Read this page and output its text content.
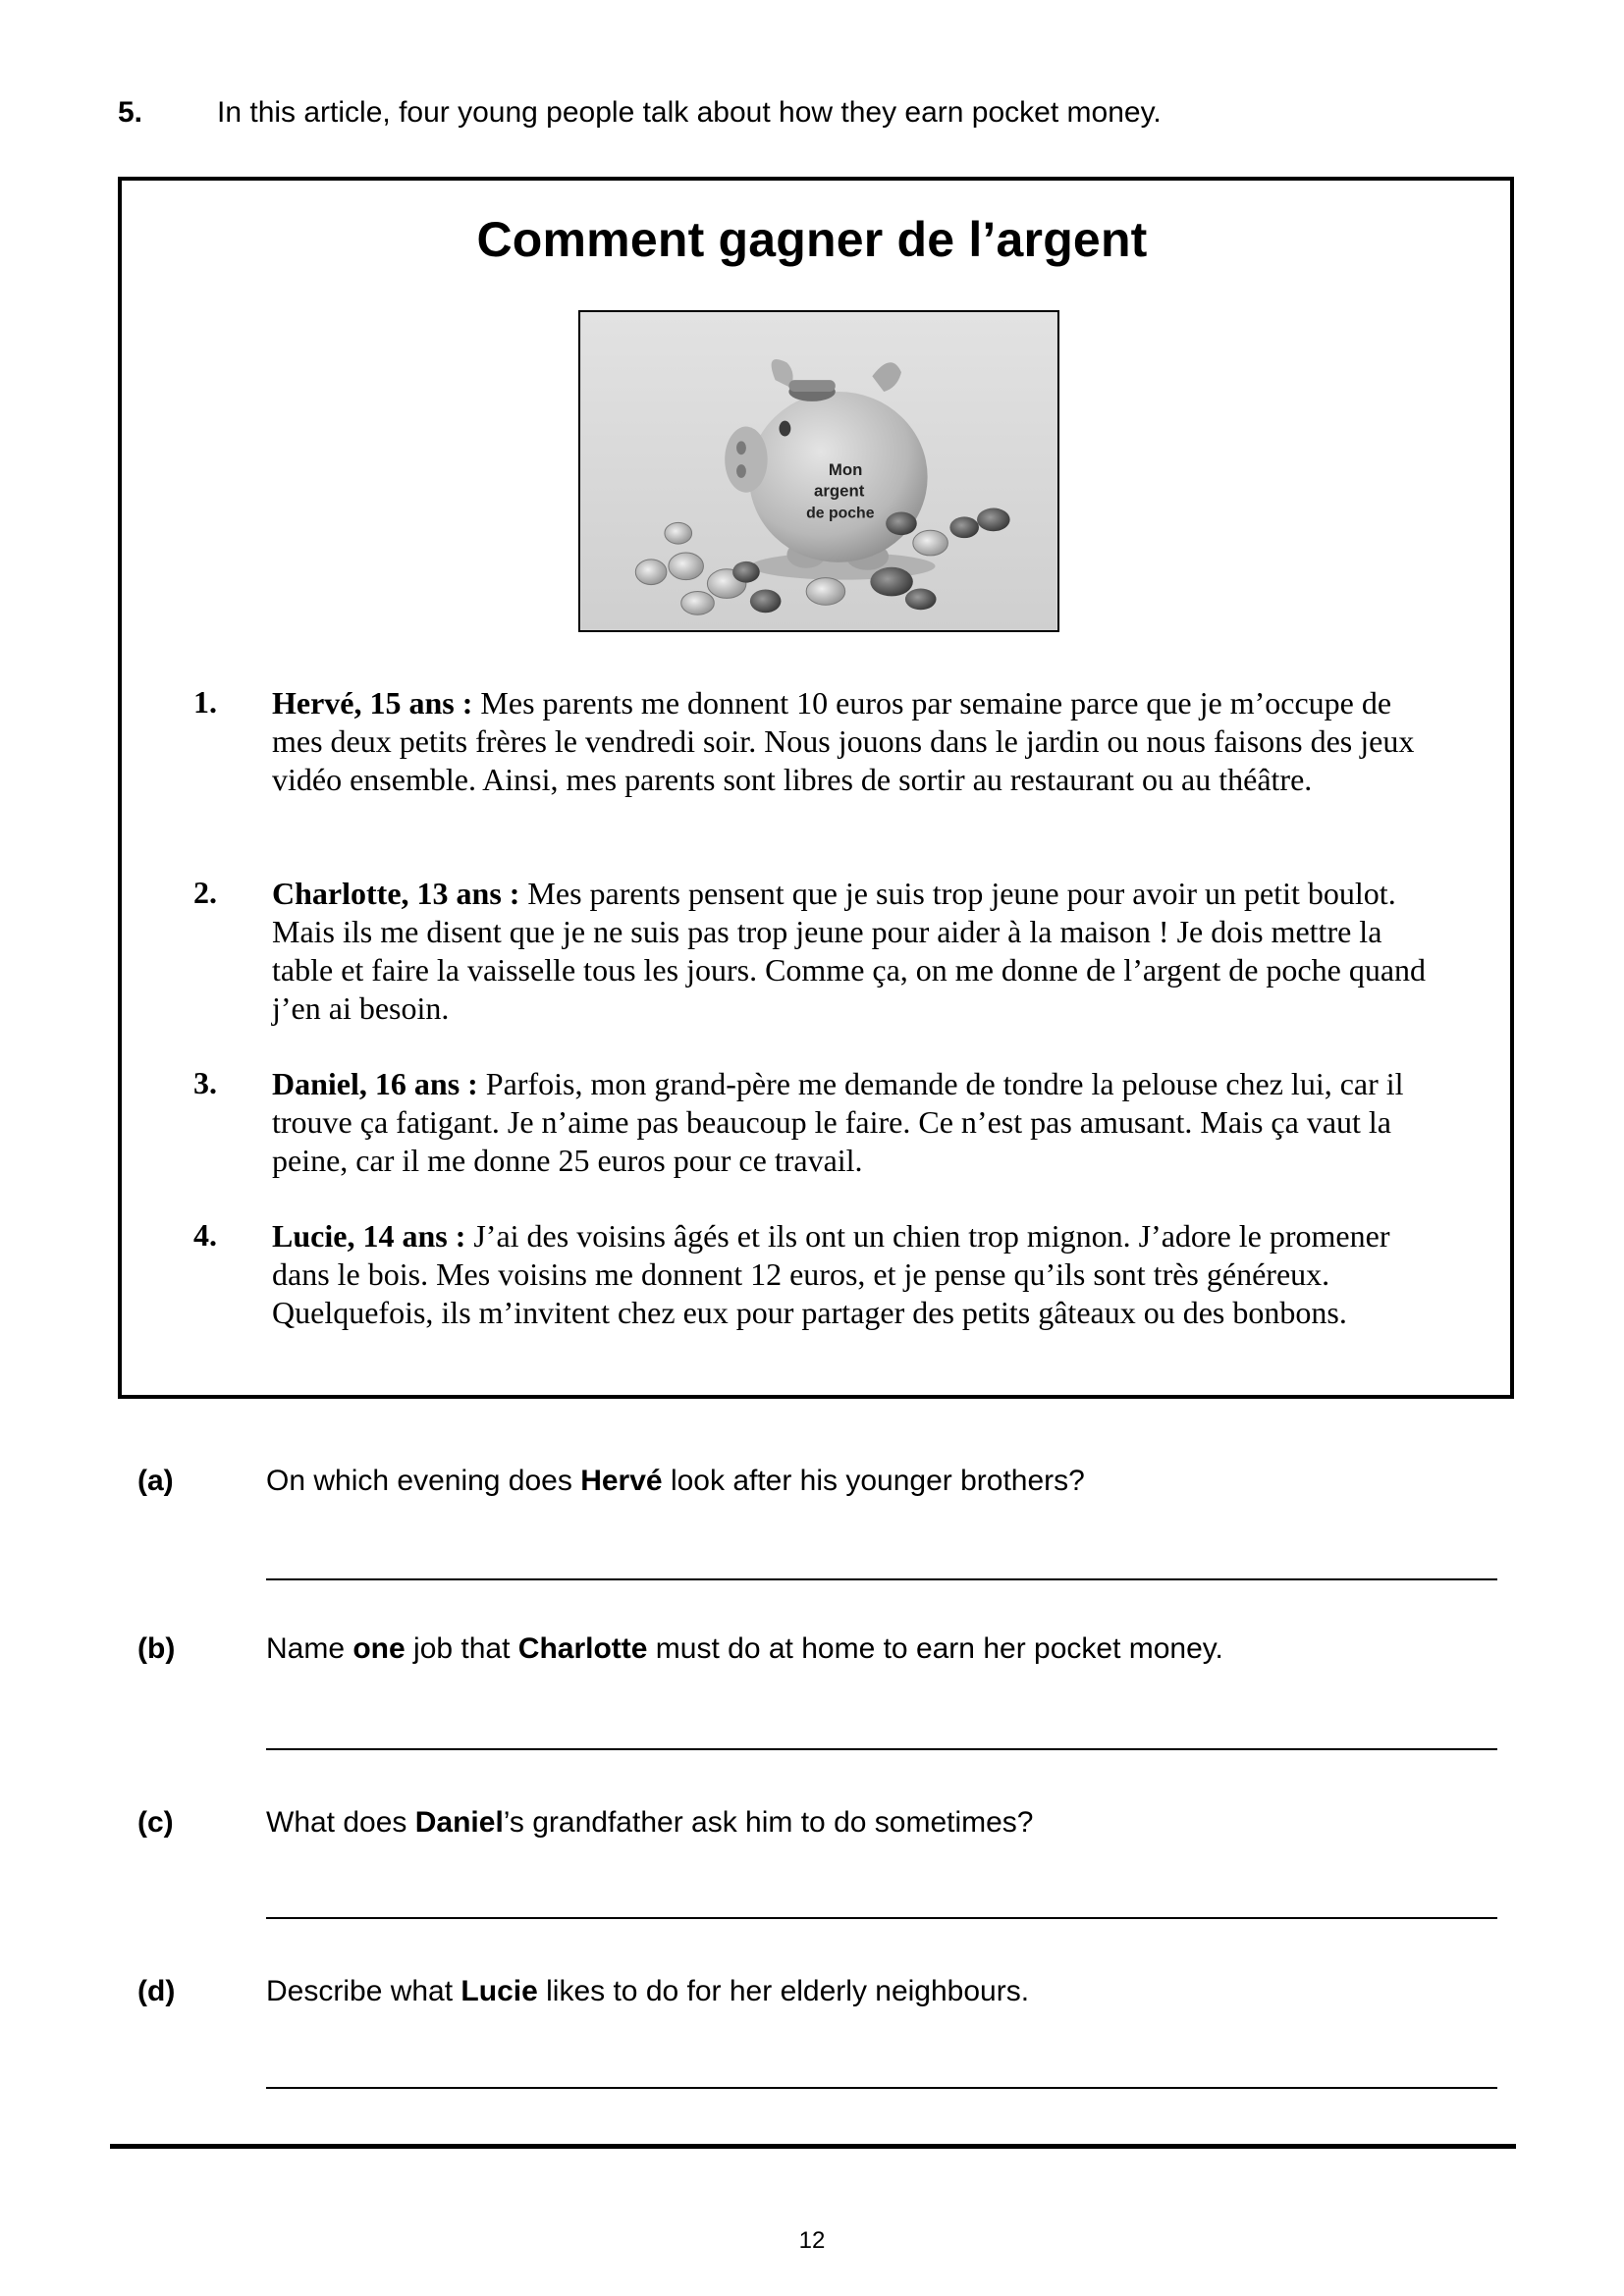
5.	In this article, four young people talk about how they earn pocket money.
Comment gagner de l’argent
Mon
argent
de poche
1. Hervé, 15 ans : Mes parents me donnent 10 euros par semaine parce que je m’occupe de mes deux petits frères le vendredi soir. Nous jouons dans le jardin ou nous faisons des jeux vidéo ensemble. Ainsi, mes parents sont libres de sortir au restaurant ou au théâtre.
2. Charlotte, 13 ans : Mes parents pensent que je suis trop jeune pour avoir un petit boulot. Mais ils me disent que je ne suis pas trop jeune pour aider à la maison ! Je dois mettre la table et faire la vaisselle tous les jours. Comme ça, on me donne de l’argent de poche quand j’en ai besoin.
3. Daniel, 16 ans : Parfois, mon grand-père me demande de tondre la pelouse chez lui, car il trouve ça fatigant. Je n’aime pas beaucoup le faire. Ce n’est pas amusant. Mais ça vaut la peine, car il me donne 25 euros pour ce travail.
4. Lucie, 14 ans : J’ai des voisins âgés et ils ont un chien trop mignon. J’adore le promener dans le bois. Mes voisins me donnent 12 euros, et je pense qu’ils sont très généreux. Quelquefois, ils m’invitent chez eux pour partager des petits gâteaux ou des bonbons.
(a)	On which evening does Hervé look after his younger brothers?
(b)	Name one job that Charlotte must do at home to earn her pocket money.
(c)	What does Daniel’s grandfather ask him to do sometimes?
(d)	Describe what Lucie likes to do for her elderly neighbours.
12
